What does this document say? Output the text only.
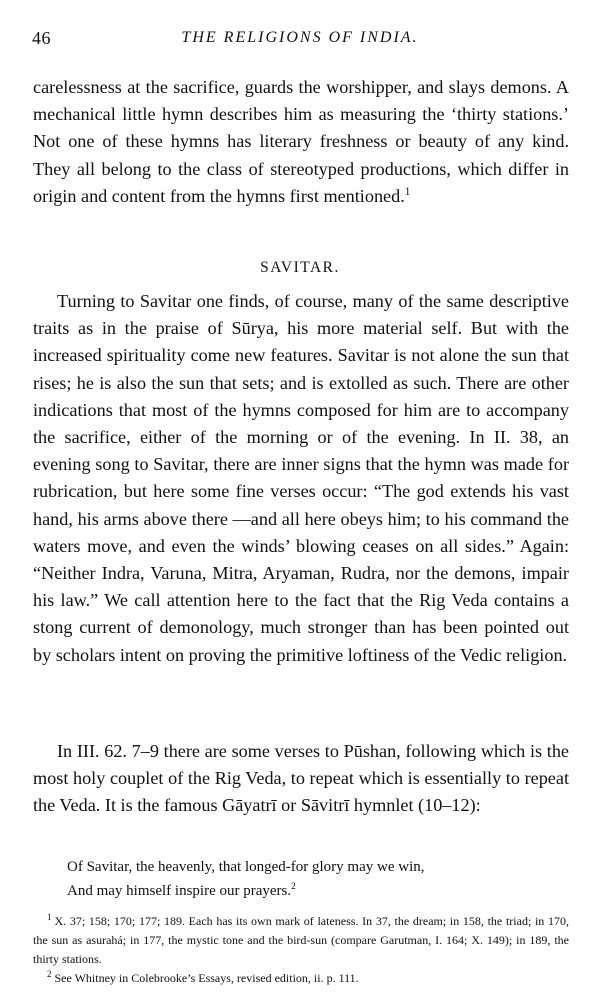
46	THE RELIGIONS OF INDIA.

carelessness at the sacrifice, guards the worshipper, and slays demons. A mechanical little hymn describes him as measuring the ‘thirty stations.’ Not one of these hymns has literary freshness or beauty of any kind. They all belong to the class of stereotyped productions, which differ in origin and content from the hymns first mentioned.$^1$

SAVITAR.

Turning to Savitar one finds, of course, many of the same descriptive traits as in the praise of Sūrya, his more material self. But with the increased spirituality come new features. Savitar is not alone the sun that rises; he is also the sun that sets; and is extolled as such. There are other indications that most of the hymns composed for him are to accompany the sacrifice, either of the morning or of the evening. In II. 38, an evening song to Savitar, there are inner signs that the hymn was made for rubrication, but here some fine verses occur: “The god extends his vast hand, his arms above there —and all here obeys him; to his command the waters move, and even the winds’ blowing ceases on all sides.” Again: “Neither Indra, Varuna, Mitra, Aryaman, Rudra, nor the demons, impair his law.” We call attention here to the fact that the Rig Veda contains a stong current of demonology, much stronger than has been pointed out by scholars intent on proving the primitive loftiness of the Vedic religion.

In III. 62. 7–9 there are some verses to Pūshan, following which is the most holy couplet of the Rig Veda, to repeat which is essentially to repeat the Veda. It is the famous Gāyatrī or Sāvitrī hymnlet (10–12):

Of Savitar, the heavenly, that longed-for glory may we win,
And may himself inspire our prayers.$^2$

$^1$ X. 37; 158; 170; 177; 189. Each has its own mark of lateness. In 37, the dream; in 158, the triad; in 170, the sun as asurahá; in 177, the mystic tone and the bird-sun (compare Garutman, I. 164; X. 149); in 189, the thirty stations.

$^2$ See Whitney in Colebrooke’s Essays, revised edition, ii. p. 111.
